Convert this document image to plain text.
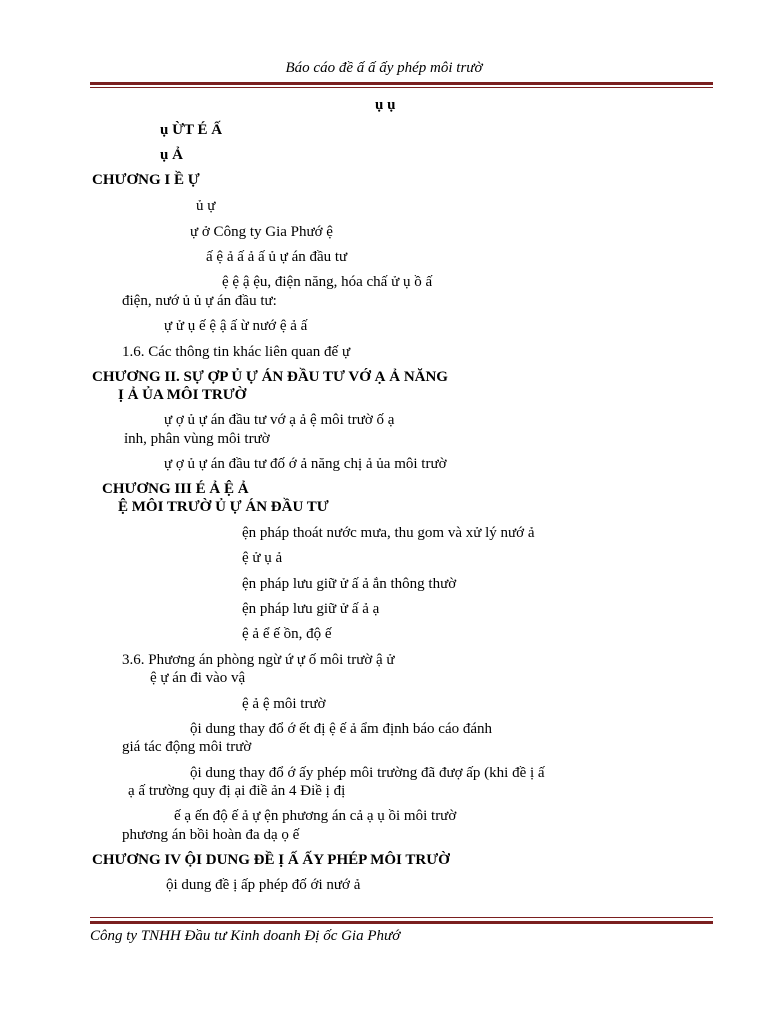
Báo cáo đề ấ ấ ấy phép môi trườ
ụ ụ
ụ ỪT É Ấ
ụ Ả
CHƯƠNG I Ề Ự
ủ ự
ự ở Công ty Gia Phướ ệ
ấ ệ ả ấ ả ấ ủ ự án đầu tư
ệ ệ ậ ệu, điện năng, hóa chấ ử ụ ồ ấ
điện, nướ ủ ủ ự án đầu tư:
ự ử ụ ế ệ ậ ấ ừ nướ ệ ả ấ
1.6. Các thông tin khác liên quan đế ự
CHƯƠNG II. SỰ ỢP Ủ Ự ÁN ĐẦU TƯ VỚ Ạ Ả NĂNG
Ị Ả ỦA MÔI TRƯỜ
ự ợ ủ ự án đầu tư vớ ạ ả ệ môi trườ ố ạ
ỉnh, phân vùng môi trườ
ự ợ ủ ự án đầu tư đố ớ ả năng chị ả ủa môi trườ
CHƯƠNG III É Ả Ệ Ả
Ệ MÔI TRƯỜ Ủ Ự ÁN ĐẦU TƯ
ện pháp thoát nước mưa, thu gom và xử lý nướ ả
ệ ử ụ ả
ện pháp lưu giữ ử ấ ả ắn thông thườ
ện pháp lưu giữ ử ấ ả ạ
ệ ả ể ế ồn, độ ế
3.6. Phương án phòng ngừ ứ ự ố môi trườ ậ ử
ệ ự án đi vào vậ
ệ ả ệ môi trườ
ội dung thay đổ ớ ết đị ệ ế ả ẩm định báo cáo đánh
giá tác động môi trườ
ội dung thay đổ ớ ấy phép môi trường đã đượ ấp (khi đề ị ấ
ạ ấ trường quy đị ại điề ản 4 Điề ị đị
ế ạ ến độ ế ả ự ện phương án cả ạ ụ ồi môi trườ
phương án bồi hoàn đa dạ ọ ế
CHƯƠNG IV ỘI DUNG ĐỀ Ị Ấ ẤY PHÉP MÔI TRƯỜ
ội dung đề ị ấp phép đố ới nướ ả
Công ty TNHH Đầu tư Kinh doanh Đị ốc Gia Phướ
